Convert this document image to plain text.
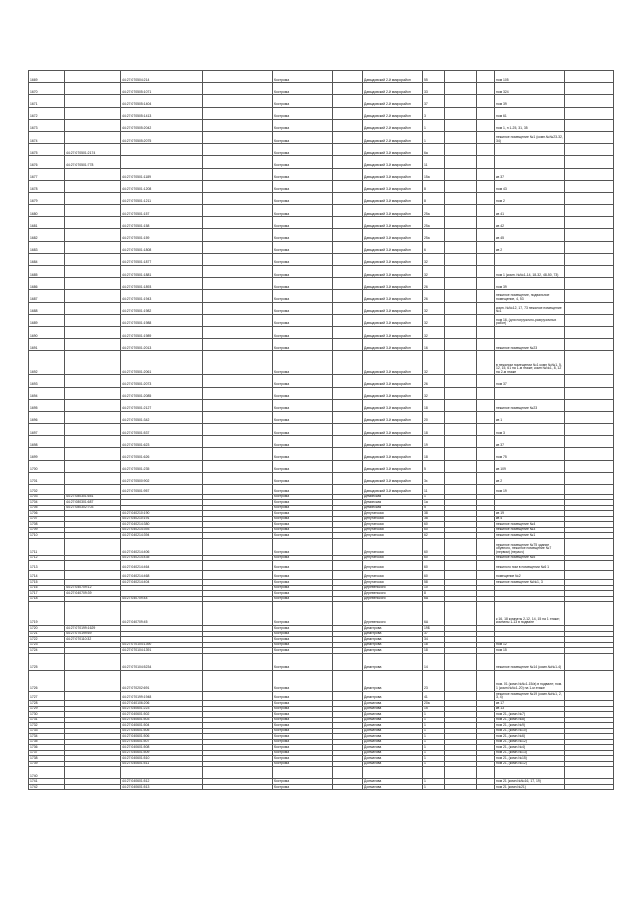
1669		44:27:070504:214		Кострома		Давыдовский 2-й микрорайон	55			пом 105	
1670		44:27:070505:1071		Кострома		Давыдовский 2-й микрорайон	33			пом 324	
1671		44:27:070505:1404		Кострома		Давыдовский 2-й микрорайон	37			пом 39	
1672		44:27:070505:1413		Кострома		Давыдовский 2-й микрорайон	3			пом 61	
1673		44:27:070505:2042		Кострома		Давыдовский 2-й микрорайон	1			пом 1, п 1-25, 31, 35	
1674		44:27:070505:2075		Кострома		Давыдовский 2-й микрорайон	1			нежилое помещение №1 (комн.№№23-32, 34)	
1675	44:27:070501:2174			Кострома		Давыдовский 3-й микрорайон	6а				
1676	44:27:070501:778			Кострома		Давыдовский 3-й микрорайон	11				
1677		44:27:070501:1189		Кострома		Давыдовский 3-й микрорайон	15а			кв 37	
1678		44:27:070501:1208		Кострома		Давыдовский 3-й микрорайон	8			пом 43	
1679		44:27:070501:1211		Кострома		Давыдовский 3-й микрорайон	8			пом 2	
1680		44:27:070501:157		Кострома		Давыдовский 3-й микрорайон	25а			кв 41	
1681		44:27:070501:158		Кострома		Давыдовский 3-й микрорайон	25а			кв 42	
1682		44:27:070501:159		Кострома		Давыдовский 3-й микрорайон	25а			кв 45	
1683		44:27:070501:1808		Кострома		Давыдовский 3-й микрорайон	6			кв 2	
1684		44:27:070501:1877		Кострома		Давыдовский 3-й микрорайон	32				
1685		44:27:070501:1881		Кострома		Давыдовский 3-й микрорайон	32			пом 1 (комн. №№1-14, 18-32, 48-50, 73)	
1686		44:27:070501:1893		Кострома		Давыдовский 3-й микрорайон	26			пом 39	
1687		44:27:070501:1943		Кострома		Давыдовский 3-й микрорайон	26			нежилое помещение, подвальное помещение, 4, 53	
1688		44:27:070501:1982		Кострома		Давыдовский 3-й микрорайон	32			комн. №№12, 17, 73 нежилое помещение №1	
1689		44:27:070501:1988		Кострома		Давыдовский 3-й микрорайон	32			пом 16, (для погрузочно-разгрузочных работ)	
1690		44:27:070501:1989		Кострома		Давыдовский 3-й микрорайон	32				
1691		44:27:070501:2013		Кострома		Давыдовский 3-й микрорайон	16			нежилое помещение №23	
1692		44:27:070501:2061		Кострома		Давыдовский 3-й микрорайон	32			в нежилом помещении №1 комн №№1, 5, 12, 15, 61 на 1-м этаже; комн №№1, 8, 12 на 2-м этаже	
1693		44:27:070501:2073		Кострома		Давыдовский 3-й микрорайон	26			пом 37	
1694		44:27:070501:2085		Кострома		Давыдовский 3-й микрорайон	32				
1695		44:27:070501:2127		Кострома		Давыдовский 3-й микрорайон	18			нежилое помещение №23	
1696		44:27:070501:342		Кострома		Давыдовский 3-й микрорайон	20			кв 1	
1697		44:27:070501:537		Кострома		Давыдовский 3-й микрорайон	18			пом 3	
1698		44:27:070501:623		Кострома		Давыдовский 3-й микрорайон	19			кв 37	
1699		44:27:070501:626		Кострома		Давыдовский 3-й микрорайон	18			пом 75	
1700		44:27:070501:235		Кострома		Давыдовский 3-й микрорайон	5			кв 109	
1701		44:27:070500:902		Кострома		Давыдовский 3-й микрорайон	3з			кв 2	
1702		44:27:070501:957		Кострома		Давыдовский 3-й микрорайон	11			пом 19	
1703	44:27:080301:651			Кострома		Деминская	1				
1704	44:27:080301:687			Кострома		Деминская	1а				
1705	44:27:080302:703			Кострома		Деминская	5				
1706		44:27:040210:190		Кострома		Депутатская	38			кв 19	
1707		44:27:040210:191		Кострома		Депутатская	38			кв 4	
1708		44:27:040214:380		Кострома		Депутатская	60			нежилое помещение №4	
1709		44:27:040214:393		Кострома		Депутатская	60			нежилое помещение №3	
1710		44:27:040214:394		Кострома		Депутатская	62			нежилое помещение №1	
1711		44:27:040214:406		Кострома		Депутатская	60			нежилое помещение №75 здание обувного, нежилое помещение №7 (первом) (нерасч)	
1712		44:27:040214:435		Кострома		Депутатская	60			нежилое помещение №5	
1713		44:27:040214:464		Кострома		Депутатская	60			нежилого пом в помещении №6 1	
1714		44:27:040214:468		Кострома		Депутатская	60			помещение №2	
1715		44:27:040214:404		Кострома		Депутатская	58			нежилое помещение №№1, 3	
1716	44:27:040709:12			Кострома		Деревенского	10				
1717	44:27:040709:39			Кострома		Деревенского	8				
1718		44:27:040709:44		Кострома		Деревенского	6А				
1719		44:27:040709:45		Кострома		Деревенского	6А			к 16, 18 комнаты 2-12, 14, 15 на 1 этаже; комнаты 1-13 в подвале	
1720	44:27:070199:1629			Кострома		Димитрова	19Б				
1721	44:27:070199:69			Кострома		Димитрова	37				
1722	44:27:070110:32			Кострома		Димитрова	34				
1723		44:27:070104:1390		Кострома		Димитрова	18			пом 12	
1724		44:27:070104:1391		Кострома		Димитрова	18			пом 15	
1725		44:27:070104:5234		Кострома		Димитрова	14			нежилое помещение №14 (комн.№№1-4)	
1726		44:27:070202:691		Кострома		Димитрова	23			пом. 01 (комн.№№1-15/а) в подвале; пом. 1 (комн.№№1-20) на 1-м этаже	
1727		44:27:070199:1948		Кострома		Димитрова	41			нежилое помещение №19 (комн.№№1, 2, 3, 4)	
1728		44:27:040106:206		Кострома		Долматова	20а			кв 17	
1729		44:27:040601:223		Кострома		Долматова	15			кв 13	
1730		44:27:040601:502		Кострома		Долматова	1			пом 21, (комн.№7)	
1731		44:27:040601:503		Кострома		Долматова	1			пом 21, (комн.№8)	
1732		44:27:040601:504		Кострома		Долматова	1			пом 21, (комн.№9)	
1733		44:27:040601:505		Кострома		Долматова	1			пом 21, (комн.№10)	
1734		44:27:040601:506		Кострома		Долматова	1			пом 21, (комн.№6)	
1735		44:27:040601:507		Кострома		Долматова	1			пом 21, (комн.№12)	
1736		44:27:040601:508		Кострома		Долматова	1			пом 21, (комн.№4)	
1737		44:27:040601:509		Кострома		Долматова	1			пом 21, (комн.№13)	
1738		44:27:040601:510		Кострома		Долматова	1			пом 21, (комн.№15)	
1739		44:27:040601:511		Кострома		Долматова	1			пом 21, (комн.№12)	
1740											
1741		44:27:040601:512		Кострома		Долматова	1			пом 21 (комн.№№16, 17, 19)	
1742		44:27:040601:513		Кострома		Долматова	1			пом 21 (комн.№21)	
